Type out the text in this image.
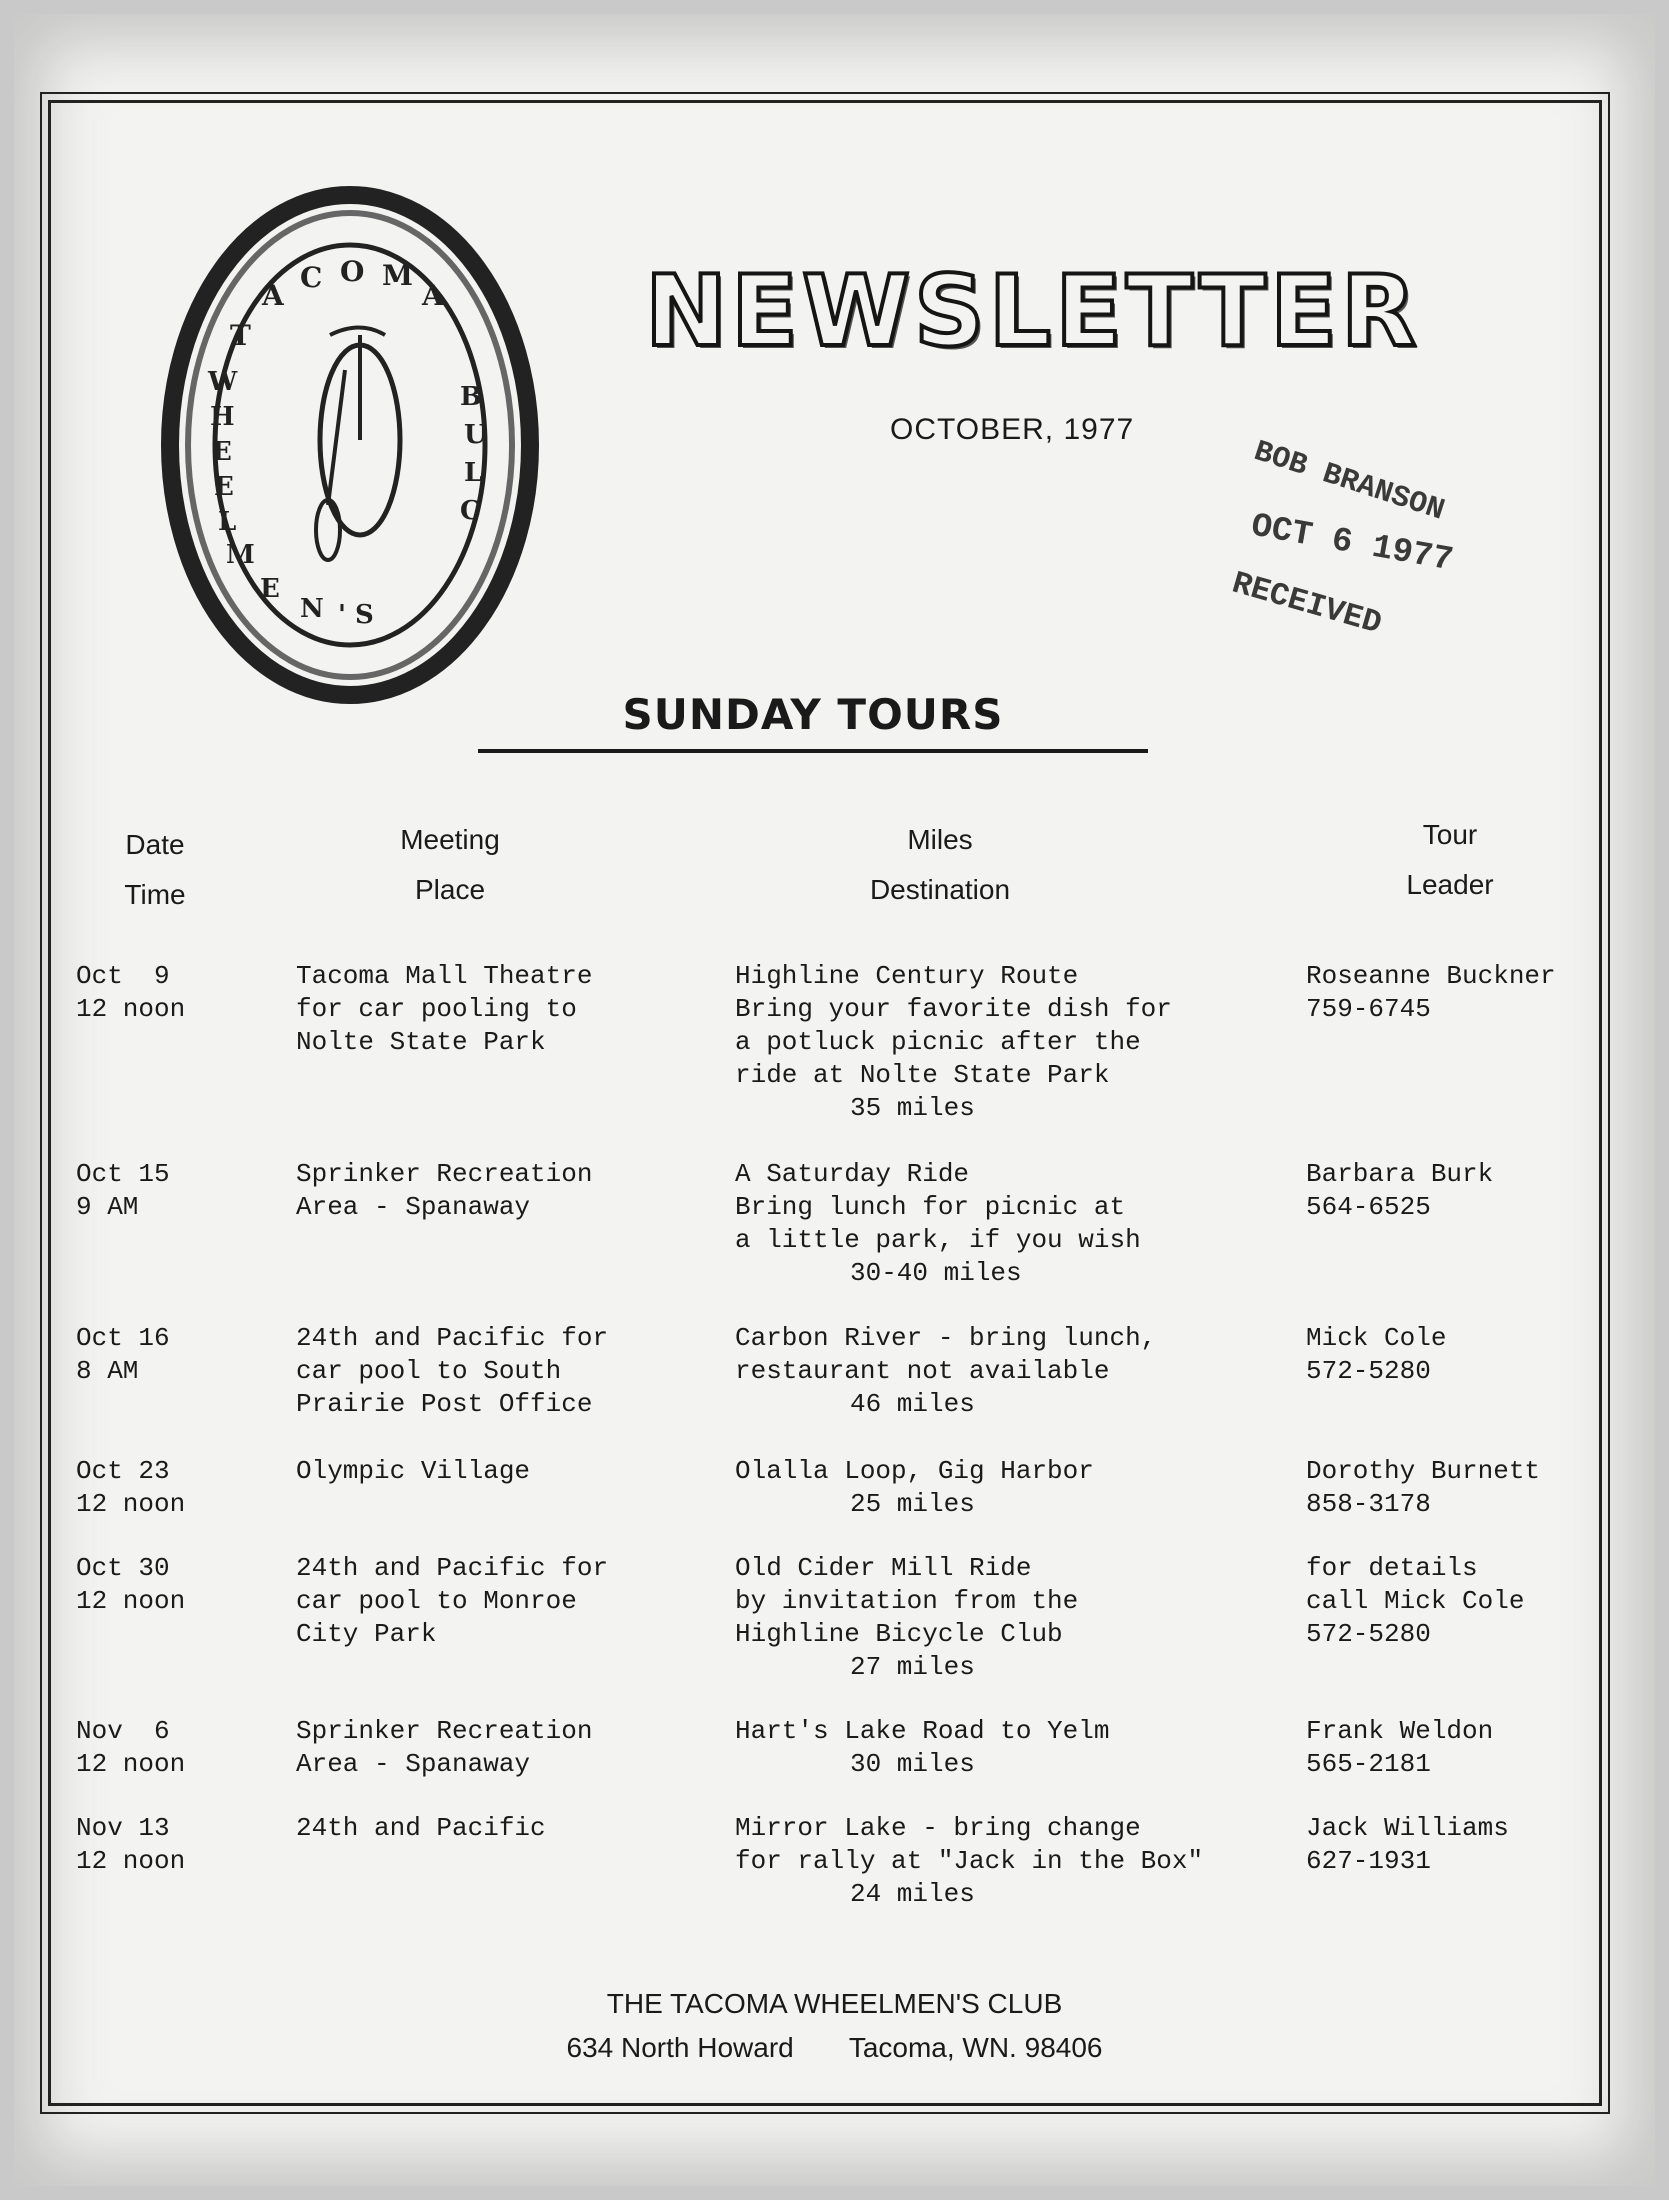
T A C O M A
W H E E L M EN ' S B U L C
NEWSLETTER
OCTOBER, 1977
BOB BRANSON
OCT 6 1977
RECEIVED
SUNDAY TOURS
Date
Time
Meeting
Place
Miles
Destination
Tour
Leader
Oct  9
12 noon
Tacoma Mall Theatre
for car pooling to
Nolte State Park
Highline Century Route
Bring your favorite dish for
a potluck picnic after the
ride at Nolte State Park
35 miles
Roseanne Buckner
759-6745
Oct 15
9 AM
Sprinker Recreation
Area - Spanaway
A Saturday Ride
Bring lunch for picnic at
a little park, if you wish
30-40 miles
Barbara Burk
564-6525
Oct 16
8 AM
24th and Pacific for
car pool to South
Prairie Post Office
Carbon River - bring lunch,
restaurant not available
46 miles
Mick Cole
572-5280
Oct 23
12 noon
Olympic Village	Olalla Loop, Gig Harbor
25 miles
Dorothy Burnett
858-3178
Oct 30
12 noon
24th and Pacific for
car pool to Monroe
City Park
Old Cider Mill Ride
by invitation from the
Highline Bicycle Club
27 miles
for details
call Mick Cole
572-5280
Nov  6
12 noon
Sprinker Recreation
Area - Spanaway
Hart's Lake Road to Yelm
30 miles
Frank Weldon
565-2181
Nov 13
12 noon
24th and Pacific	Mirror Lake - bring change
for rally at "Jack in the Box"
24 miles
Jack Williams
627-1931
THE TACOMA WHEELMEN'S CLUB
634 North Howard Tacoma, WN. 98406
